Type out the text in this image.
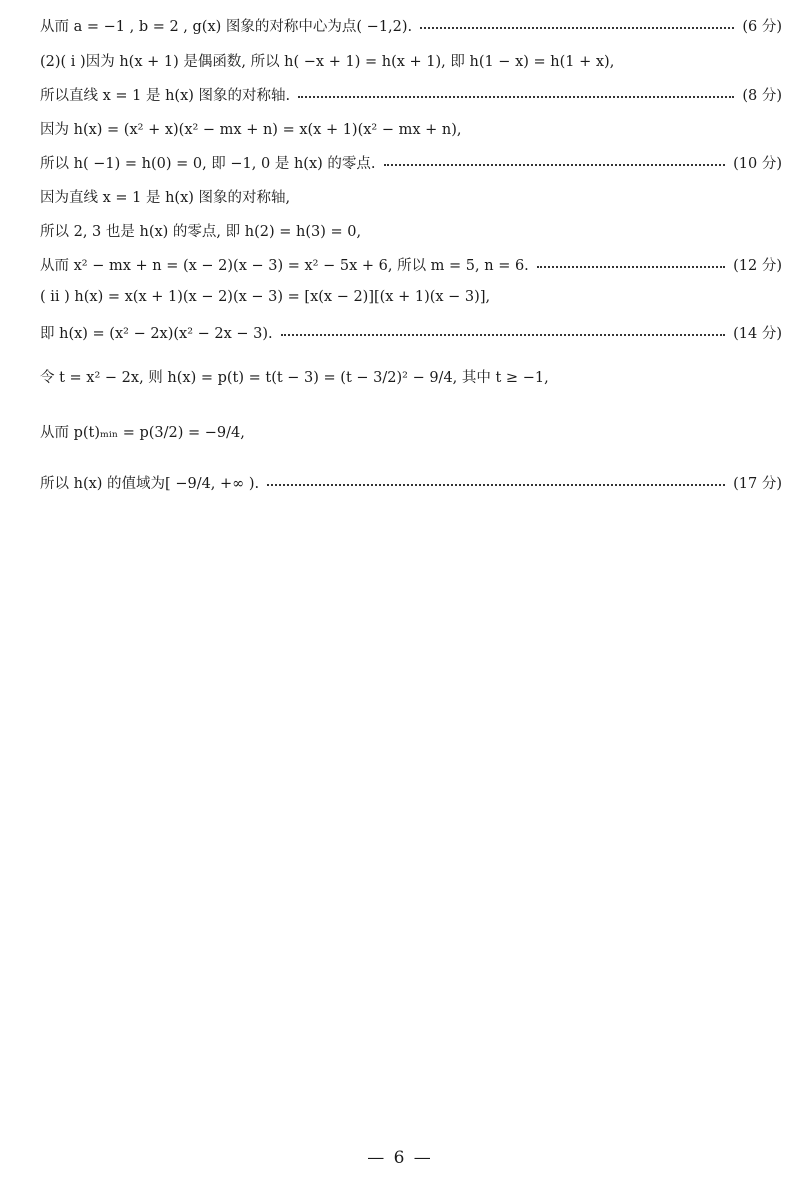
从而 a = −1 , b = 2 , g(x) 图象的对称中心为点( −1,2).	(6 分)
(2)( ⅰ )因为 h(x + 1) 是偶函数, 所以 h( −x + 1) = h(x + 1), 即 h(1 − x) = h(1 + x),
所以直线 x = 1 是 h(x) 图象的对称轴.	(8 分)
因为 h(x) = (x² + x)(x² − mx + n) = x(x + 1)(x² − mx + n),
所以 h( −1) = h(0) = 0, 即 −1, 0 是 h(x) 的零点.	(10 分)
因为直线 x = 1 是 h(x) 图象的对称轴,
所以 2, 3 也是 h(x) 的零点, 即 h(2) = h(3) = 0,
从而 x² − mx + n = (x − 2)(x − 3) = x² − 5x + 6, 所以 m = 5, n = 6.	(12 分)
( ⅱ ) h(x) = x(x + 1)(x − 2)(x − 3) = [x(x − 2)][(x + 1)(x − 3)],
即 h(x) = (x² − 2x)(x² − 2x − 3).	(14 分)
令 t = x² − 2x, 则 h(x) = p(t) = t(t − 3) = (t − 3/2)² − 9/4, 其中 t ≥ −1,
从而 p(t)ₘᵢₙ = p(3/2) = −9/4,
所以 h(x) 的值域为[ −9/4, +∞ ).	(17 分)
— 6 —
